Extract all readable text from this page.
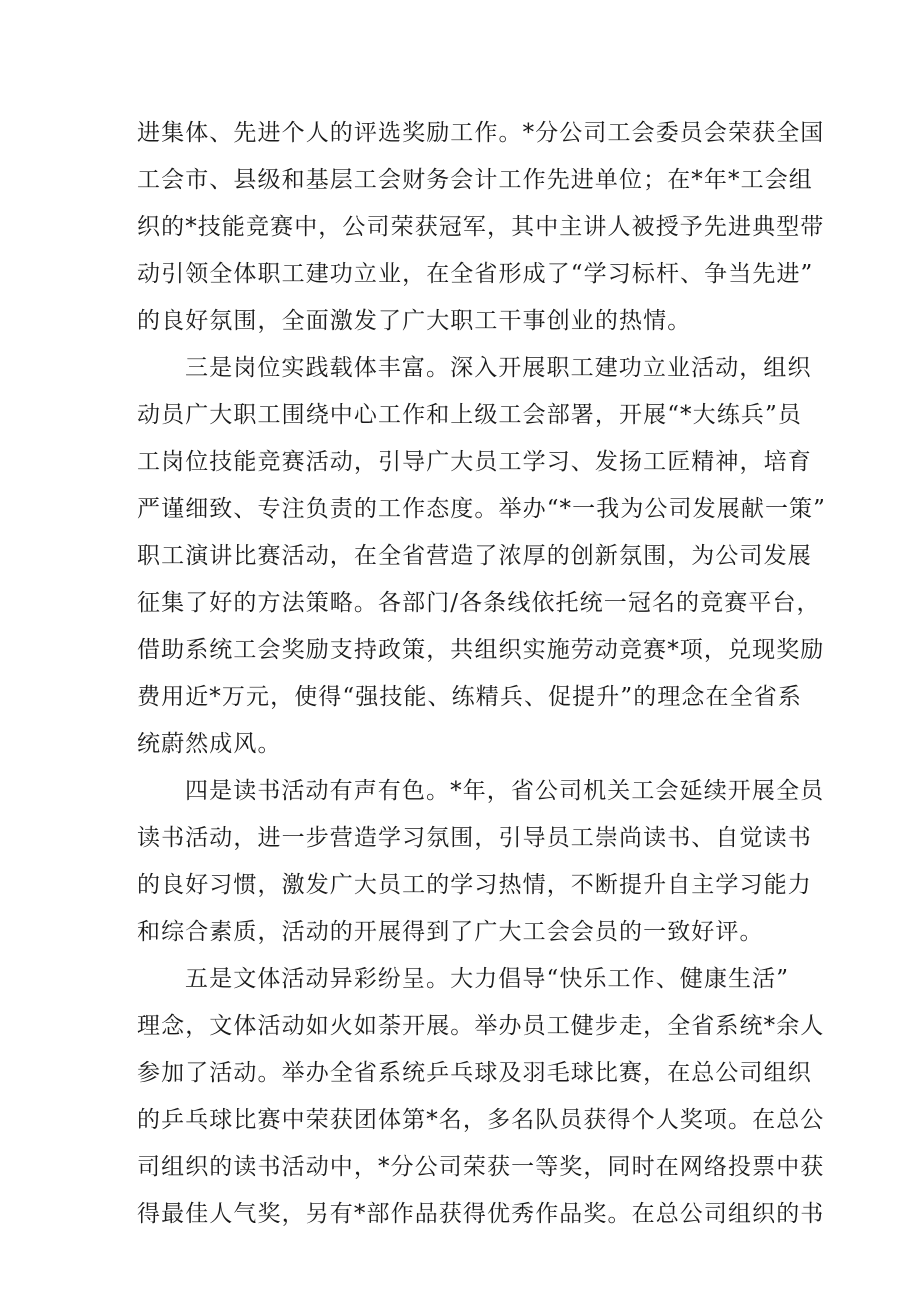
进集体、先进个人的评选奖励工作。*分公司工会委员会荣获全国
工会市、县级和基层工会财务会计工作先进单位；在*年*工会组
织的*技能竞赛中，公司荣获冠军，其中主讲人被授予先进典型带
动引领全体职工建功立业，在全省形成了“学习标杆、争当先进”
的良好氛围，全面激发了广大职工干事创业的热情。
三是岗位实践载体丰富。深入开展职工建功立业活动，组织
动员广大职工围绕中心工作和上级工会部署，开展“*大练兵”员
工岗位技能竞赛活动，引导广大员工学习、发扬工匠精神，培育
严谨细致、专注负责的工作态度。举办“*一我为公司发展献一策”
职工演讲比赛活动，在全省营造了浓厚的创新氛围，为公司发展
征集了好的方法策略。各部门/各条线依托统一冠名的竞赛平台，
借助系统工会奖励支持政策，共组织实施劳动竞赛*项，兑现奖励
费用近*万元，使得“强技能、练精兵、促提升”的理念在全省系
统蔚然成风。
四是读书活动有声有色。*年，省公司机关工会延续开展全员
读书活动，进一步营造学习氛围，引导员工崇尚读书、自觉读书
的良好习惯，激发广大员工的学习热情，不断提升自主学习能力
和综合素质，活动的开展得到了广大工会会员的一致好评。
五是文体活动异彩纷呈。大力倡导“快乐工作、健康生活”
理念，文体活动如火如荼开展。举办员工健步走，全省系统*余人
参加了活动。举办全省系统乒乓球及羽毛球比赛，在总公司组织
的乒乓球比赛中荣获团体第*名，多名队员获得个人奖项。在总公
司组织的读书活动中，*分公司荣获一等奖，同时在网络投票中获
得最佳人气奖，另有*部作品获得优秀作品奖。在总公司组织的书
